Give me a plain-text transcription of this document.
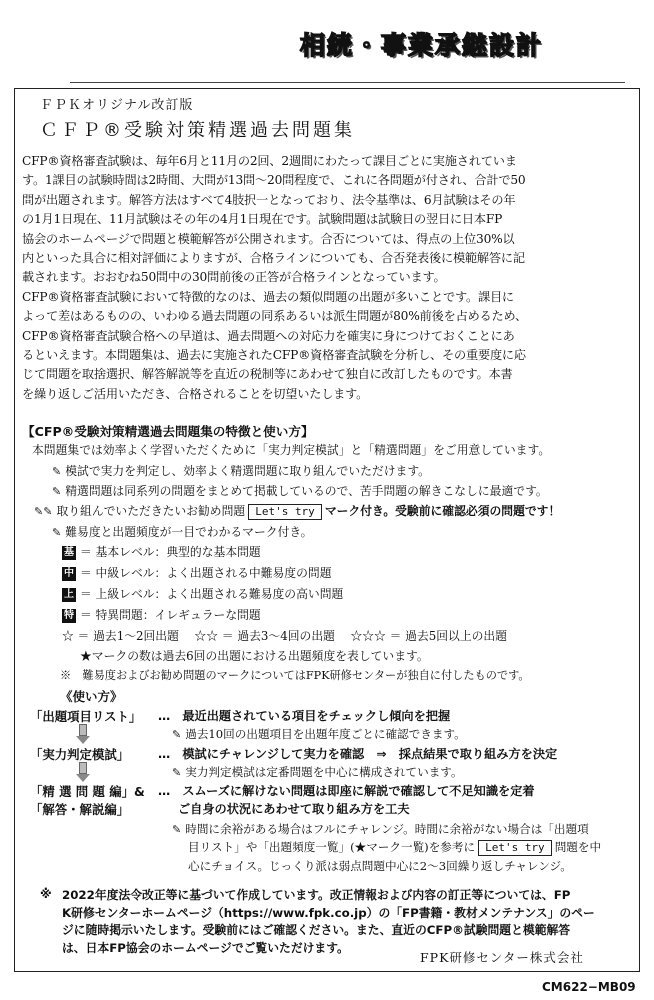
相続・事業承継設計
ＦＰＫオリジナル改訂版
ＣＦＰ®受験対策精選過去問題集

CFP®資格審査試験は、毎年6月と11月の2回、2週間にわたって課目ごとに実施されていま

す。1課目の試験時間は2時間、大問が13問～20問程度で、これに各問題が付され、合計で50

問が出題されます。解答方法はすべて4肢択一となっており、法令基準は、6月試験はその年

の1月1日現在、11月試験はその年の4月1日現在です。試験問題は試験日の翌日に日本FP

協会のホームページで問題と模範解答が公開されます。合否については、得点の上位30%以

内といった具合に相対評価によりますが、合格ラインについても、合否発表後に模範解答に記

載されます。おおむね50問中の30問前後の正答が合格ラインとなっています。

CFP®資格審査試験において特徴的なのは、過去の類似問題の出題が多いことです。課目に

よって差はあるものの、いわゆる過去問題の同系あるいは派生問題が80%前後を占めるため、

CFP®資格審査試験合格への早道は、過去問題への対応力を確実に身につけておくことにあ

るといえます。本問題集は、過去に実施されたCFP®資格審査試験を分析し、その重要度に応

じて問題を取捨選択、解答解説等を直近の税制等にあわせて独自に改訂したものです。本書

を繰り返しご活用いただき、合格されることを切望いたします。

【CFP®受験対策精選過去問題集の特徴と使い方】
本問題集では効率よく学習いただくために「実力判定模試」と「精選問題」をご用意しています。
✎ 模試で実力を判定し、効率よく精選問題に取り組んでいただけます。
✎ 精選問題は同系列の問題をまとめて掲載しているので、苦手問題の解きこなしに最適です。
✎✎ 取り組んでいただきたいお勧め問題 Let's try マーク付き。受験前に確認必須の問題です！
✎ 難易度と出題頻度が一目でわかるマーク付き。
基 ＝ 基本レベル：典型的な基本問題
中 ＝ 中級レベル：よく出題される中難易度の問題
上 ＝ 上級レベル：よく出題される難易度の高い問題
特 ＝ 特異問題：イレギュラーな問題
☆ ＝ 過去1～2回出題　 ☆☆ ＝ 過去3～4回の出題　 ☆☆☆ ＝ 過去5回以上の出題
★マークの数は過去6回の出題における出題頻度を表しています。
※　難易度およびお勧め問題のマークについてはFPK研修センターが独自に付したものです。
《使い方》
「出題項目リスト」 …　最近出題されている項目をチェックし傾向を把握
✎ 過去10回の出題項目を出題年度ごとに確認できます。
「実力判定模試」 …　模試にチャレンジして実力を確認　⇒　採点結果で取り組み方を決定
✎ 実力判定模試は定番問題を中心に構成されています。
「精 選 問 題 編」&
「解答・解説編」
…　スムーズに解けない問題は即座に解説で確認して不足知識を定着
ご自身の状況にあわせて取り組み方を工夫
✎ 時間に余裕がある場合はフルにチャレンジ。時間に余裕がない場合は「出題項
目リスト」や「出題頻度一覧」(★マーク一覧)を参考に Let's try 問題を中
心にチョイス。じっくり派は弱点問題中心に2～3回繰り返しチャレンジ。
※ 2022年度法令改正等に基づいて作成しています。改正情報および内容の訂正等については、FP
K研修センターホームページ（https://www.fpk.co.jp）の「FP書籍・教材メンテナンス」のペー
ジに随時掲示いたします。受験前にはご確認ください。また、直近のCFP®試験問題と模範解答
は、日本FP協会のホームページでご覧いただけます。
FPK研修センター株式会社
CM622−MB09
